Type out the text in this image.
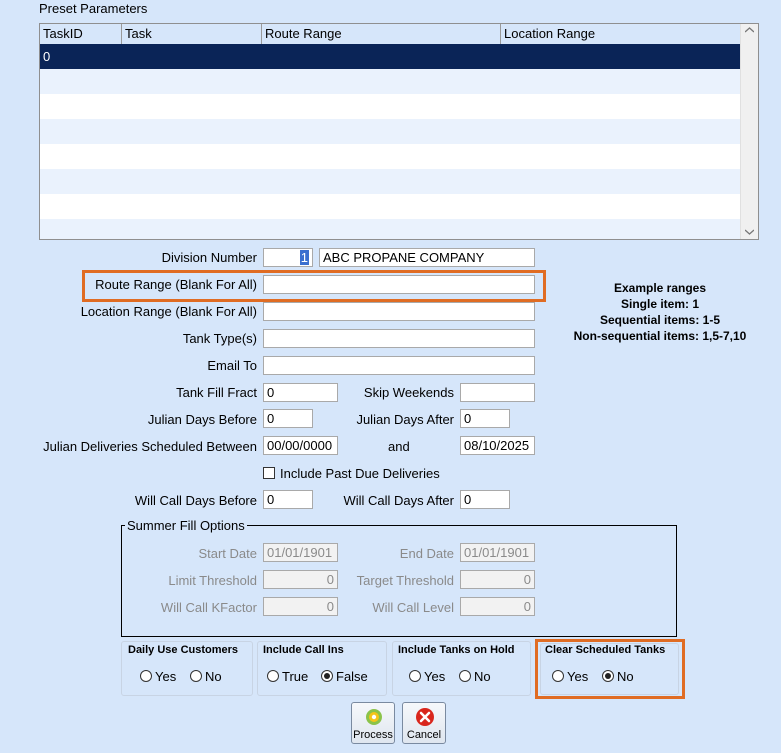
Preset Parameters
TaskID	Task	Route Range	Location Range
0
Division Number	1	ABC PROPANE COMPANY
Route Range (Blank For All)
Location Range (Blank For All)
Example ranges
Single item: 1
Sequential items: 1-5
Non-sequential items: 1,5-7,10
Tank Type(s)
Email To
Tank Fill Fract 0	Skip Weekends
Julian Days Before 0	Julian Days After 0
Julian Deliveries Scheduled Between 00/00/0000	and	08/10/2025
Include Past Due Deliveries
Will Call Days Before 0	Will Call Days After 0
Summer Fill Options
Start Date 01/01/1901	End Date 01/01/1901
Limit Threshold	0	Target Threshold	0
Will Call KFactor	0	Will Call Level	0
Daily Use Customers
Yes No
Include Call Ins
True False
Include Tanks on Hold
Yes No
Clear Scheduled Tanks
Yes No
Process	Cancel
